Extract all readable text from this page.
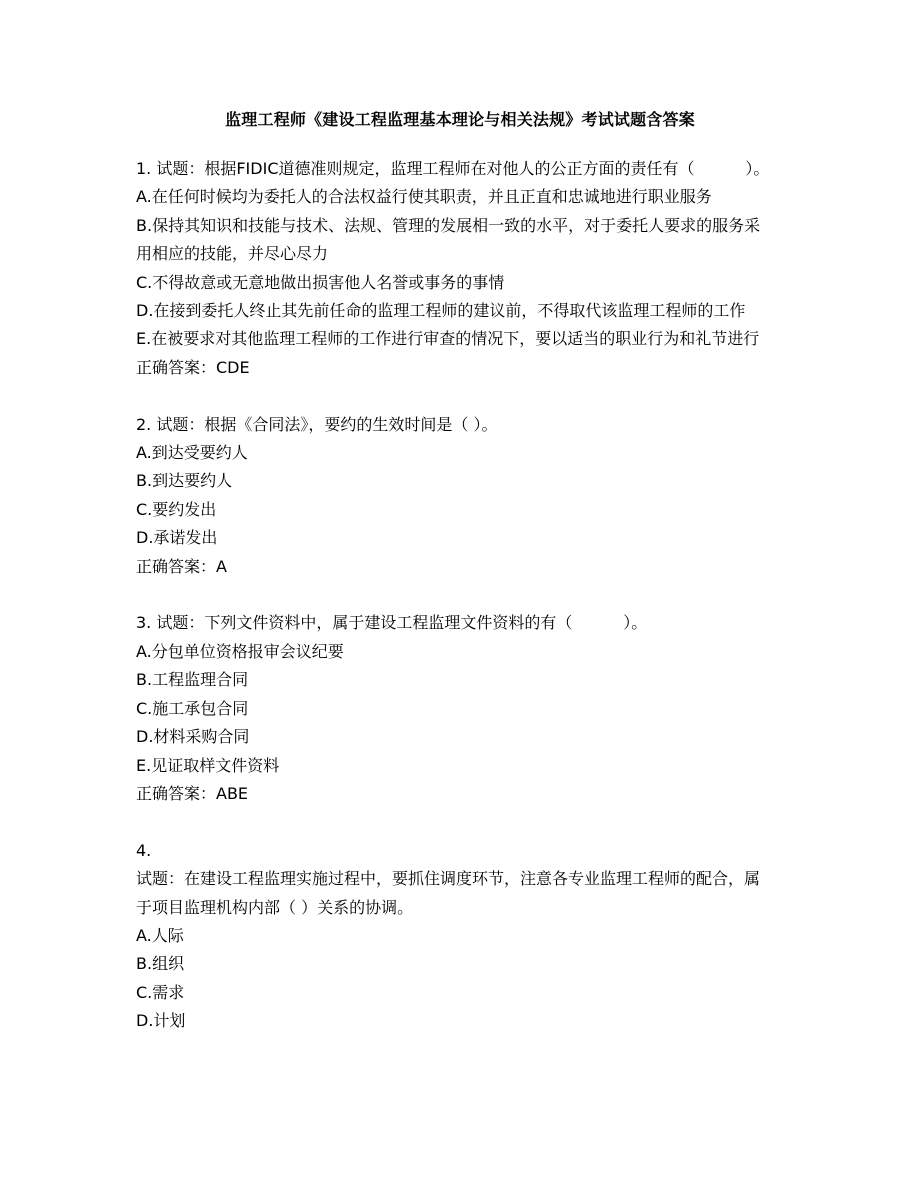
监理工程师《建设工程监理基本理论与相关法规》考试试题含答案

1. 试题：根据FIDIC道德准则规定，监理工程师在对他人的公正方面的责任有（          ）。

A.在任何时候均为委托人的合法权益行使其职责，并且正直和忠诚地进行职业服务

B.保持其知识和技能与技术、法规、管理的发展相一致的水平，对于委托人要求的服务采

用相应的技能，并尽心尽力

C.不得故意或无意地做出损害他人名誉或事务的事情

D.在接到委托人终止其先前任命的监理工程师的建议前，不得取代该监理工程师的工作

E.在被要求对其他监理工程师的工作进行审查的情况下，要以适当的职业行为和礼节进行

正确答案：CDE

2. 试题：根据《合同法》，要约的生效时间是（ ）。

A.到达受要约人

B.到达要约人

C.要约发出

D.承诺发出

正确答案：A

3. 试题：下列文件资料中，属于建设工程监理文件资料的有（          ）。

A.分包单位资格报审会议纪要

B.工程监理合同

C.施工承包合同

D.材料采购合同

E.见证取样文件资料

正确答案：ABE

4.

试题：在建设工程监理实施过程中，要抓住调度环节，注意各专业监理工程师的配合，属

于项目监理机构内部（ ）关系的协调。

A.人际

B.组织

C.需求

D.计划
